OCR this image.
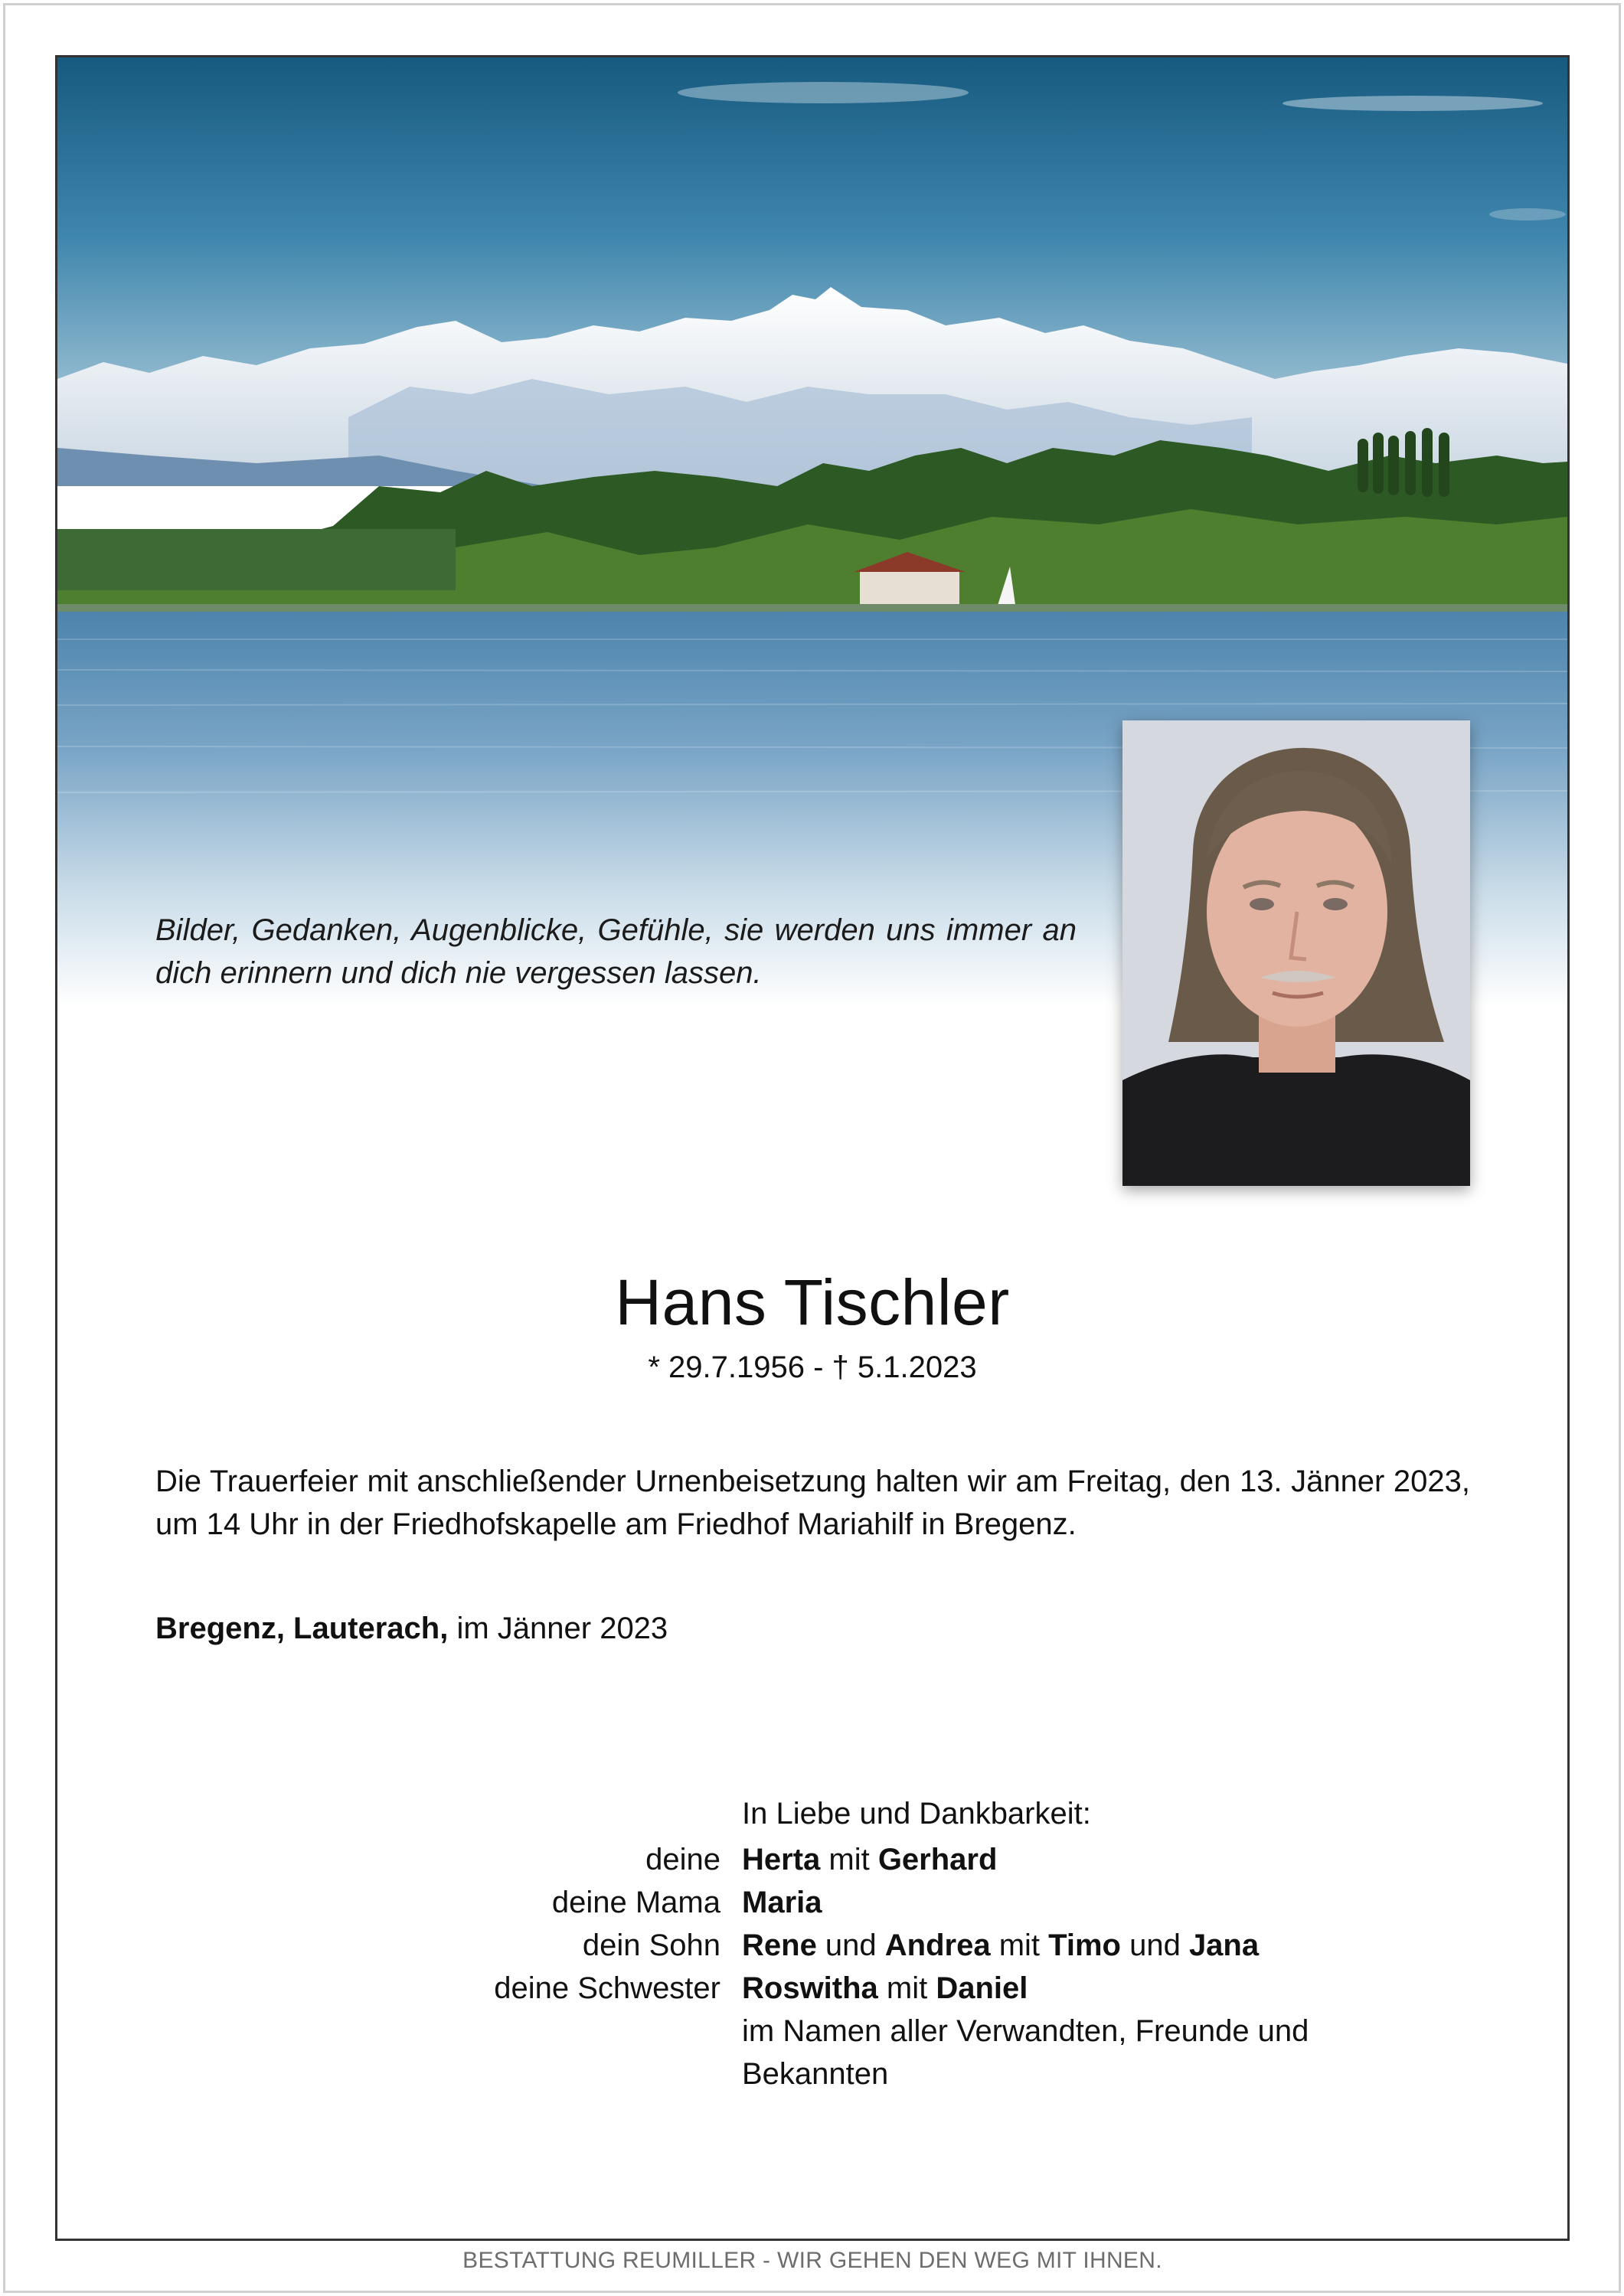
Bilder, Gedanken, Augenblicke, Gefühle, sie werden uns immer an dich erinnern und dich nie vergessen lassen.
Hans Tischler
* 29.7.1956 - † 5.1.2023
Die Trauerfeier mit anschließender Urnenbeisetzung halten wir am Freitag, den 13. Jänner 2023, um 14 Uhr in der Friedhofskapelle am Friedhof Mariahilf in Bregenz.
Bregenz, Lauterach, im Jänner 2023
In Liebe und Dankbarkeit:
deine Herta mit Gerhard
deine Mama Maria
dein Sohn Rene und Andrea mit Timo und Jana
deine Schwester Roswitha mit Daniel
im Namen aller Verwandten, Freunde und Bekannten
BESTATTUNG REUMILLER - WIR GEHEN DEN WEG MIT IHNEN.
